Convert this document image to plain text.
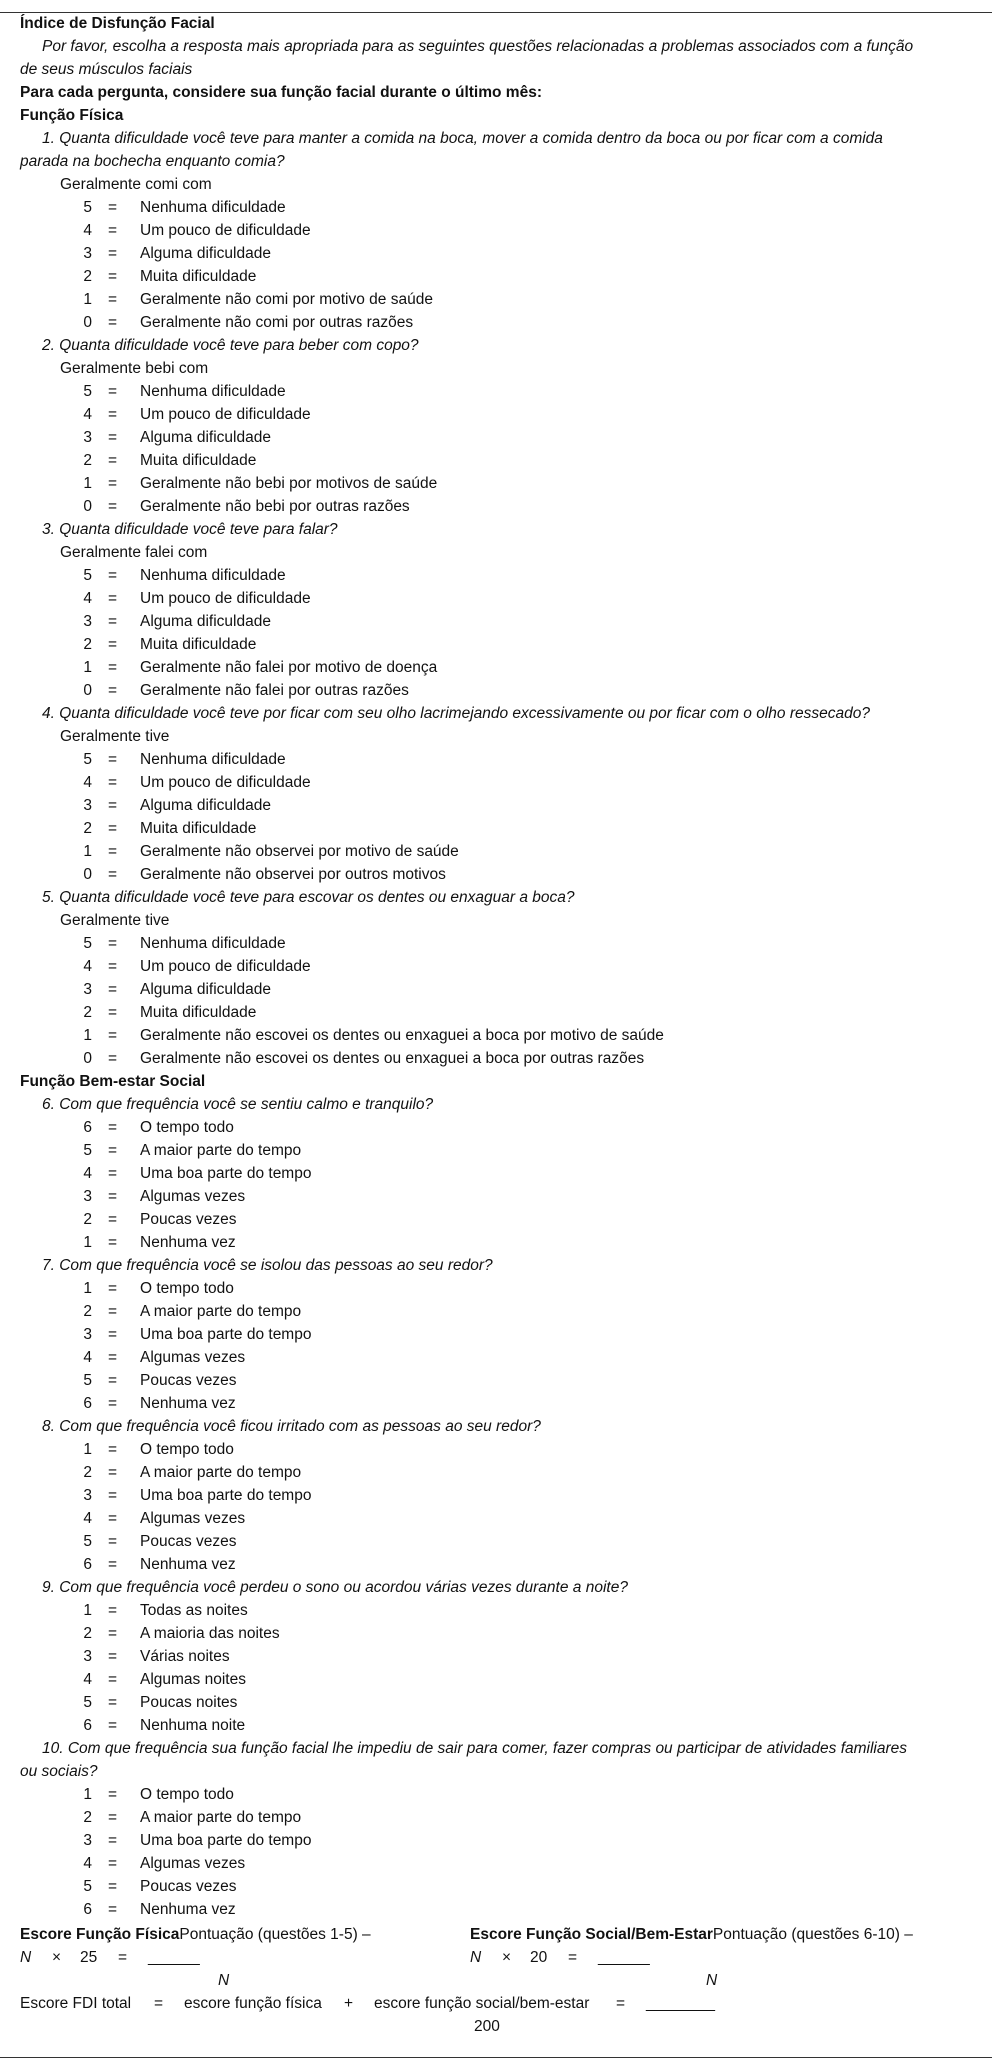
Índice de Disfunção Facial
Por favor, escolha a resposta mais apropriada para as seguintes questões relacionadas a problemas associados com a função
de seus músculos faciais
Para cada pergunta, considere sua função facial durante o último mês:
Função Física
1. Quanta dificuldade você teve para manter a comida na boca, mover a comida dentro da boca ou por ficar com a comida
parada na bochecha enquanto comia?
Geralmente comi com
5 = Nenhuma dificuldade
4 = Um pouco de dificuldade
3 = Alguma dificuldade
2 = Muita dificuldade
1 = Geralmente não comi por motivo de saúde
0 = Geralmente não comi por outras razões
2. Quanta dificuldade você teve para beber com copo?
Geralmente bebi com
5 = Nenhuma dificuldade
4 = Um pouco de dificuldade
3 = Alguma dificuldade
2 = Muita dificuldade
1 = Geralmente não bebi por motivos de saúde
0 = Geralmente não bebi por outras razões
3. Quanta dificuldade você teve para falar?
Geralmente falei com
5 = Nenhuma dificuldade
4 = Um pouco de dificuldade
3 = Alguma dificuldade
2 = Muita dificuldade
1 = Geralmente não falei por motivo de doença
0 = Geralmente não falei por outras razões
4. Quanta dificuldade você teve por ficar com seu olho lacrimejando excessivamente ou por ficar com o olho ressecado?
Geralmente tive
5 = Nenhuma dificuldade
4 = Um pouco de dificuldade
3 = Alguma dificuldade
2 = Muita dificuldade
1 = Geralmente não observei por motivo de saúde
0 = Geralmente não observei por outros motivos
5. Quanta dificuldade você teve para escovar os dentes ou enxaguar a boca?
Geralmente tive
5 = Nenhuma dificuldade
4 = Um pouco de dificuldade
3 = Alguma dificuldade
2 = Muita dificuldade
1 = Geralmente não escovei os dentes ou enxaguei a boca por motivo de saúde
0 = Geralmente não escovei os dentes ou enxaguei a boca por outras razões
Função Bem-estar Social
6. Com que frequência você se sentiu calmo e tranquilo?
6 = O tempo todo
5 = A maior parte do tempo
4 = Uma boa parte do tempo
3 = Algumas vezes
2 = Poucas vezes
1 = Nenhuma vez
7. Com que frequência você se isolou das pessoas ao seu redor?
1 = O tempo todo
2 = A maior parte do tempo
3 = Uma boa parte do tempo
4 = Algumas vezes
5 = Poucas vezes
6 = Nenhuma vez
8. Com que frequência você ficou irritado com as pessoas ao seu redor?
1 = O tempo todo
2 = A maior parte do tempo
3 = Uma boa parte do tempo
4 = Algumas vezes
5 = Poucas vezes
6 = Nenhuma vez
9. Com que frequência você perdeu o sono ou acordou várias vezes durante a noite?
1 = Todas as noites
2 = A maioria das noites
3 = Várias noites
4 = Algumas noites
5 = Poucas noites
6 = Nenhuma noite
10. Com que frequência sua função facial lhe impediu de sair para comer, fazer compras ou participar de atividades familiares
ou sociais?
1 = O tempo todo
2 = A maior parte do tempo
3 = Uma boa parte do tempo
4 = Algumas vezes
5 = Poucas vezes
6 = Nenhuma vez
Escore Função FísicaPontuação (questões 1-5) –	Escore Função Social/Bem-EstarPontuação (questões 6-10) –
N × 25 = ______	N × 20 = ______
N	N
Escore FDI total = escore função física + escore função social/bem-estar = ________
200
